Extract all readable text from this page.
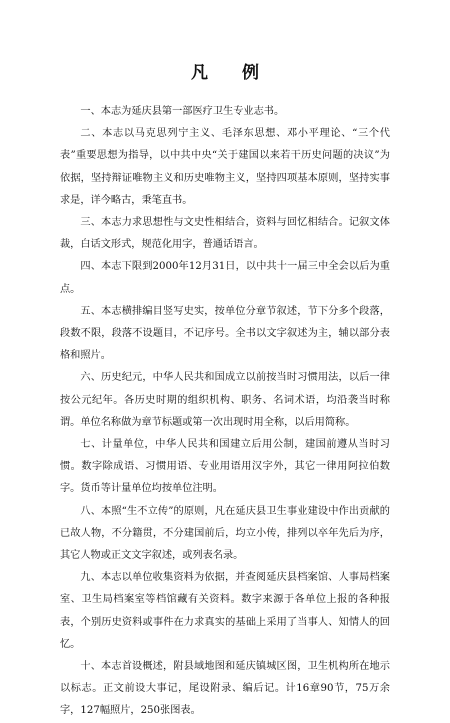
凡 例

一、本志为延庆县第一部医疗卫生专业志书。

二、本志以马克思列宁主义、毛泽东思想、邓小平理论、“三个代表”重要思想为指导，以中共中央“关于建国以来若干历史问题的决议”为依据，坚持辩证唯物主义和历史唯物主义，坚持四项基本原则，坚持实事求是，详今略古，秉笔直书。

三、本志力求思想性与文史性相结合，资料与回忆相结合。记叙文体裁，白话文形式，规范化用字，普通话语言。

四、本志下限到2000年12月31日，以中共十一届三中全会以后为重点。

五、本志横排编目竖写史实，按单位分章节叙述，节下分多个段落，段数不限，段落不设题目，不记序号。全书以文字叙述为主，辅以部分表格和照片。

六、历史纪元，中华人民共和国成立以前按当时习惯用法，以后一律按公元纪年。各历史时期的组织机构、职务、名词术语，均沿袭当时称谓。单位名称做为章节标题或第一次出现时用全称，以后用简称。

七、计量单位，中华人民共和国建立后用公制，建国前遵从当时习惯。数字除成语、习惯用语、专业用语用汉字外，其它一律用阿拉伯数字。货币等计量单位均按单位注明。

八、本照“生不立传”的原则，凡在延庆县卫生事业建设中作出贡献的已故人物，不分籍贯，不分建国前后，均立小传，排列以卒年先后为序，其它人物或正文文字叙述，或列表名录。

九、本志以单位收集资料为依据，并查阅延庆县档案馆、人事局档案室、卫生局档案室等档馆藏有关资料。数字来源于各单位上报的各种报表，个别历史资料或事件在力求真实的基础上采用了当事人、知情人的回忆。

十、本志首设概述，附县域地图和延庆镇城区图，卫生机构所在地示以标志。正文前设大事记，尾设附录、编后记。计16章90节，75万余字，127幅照片，250张图表。
